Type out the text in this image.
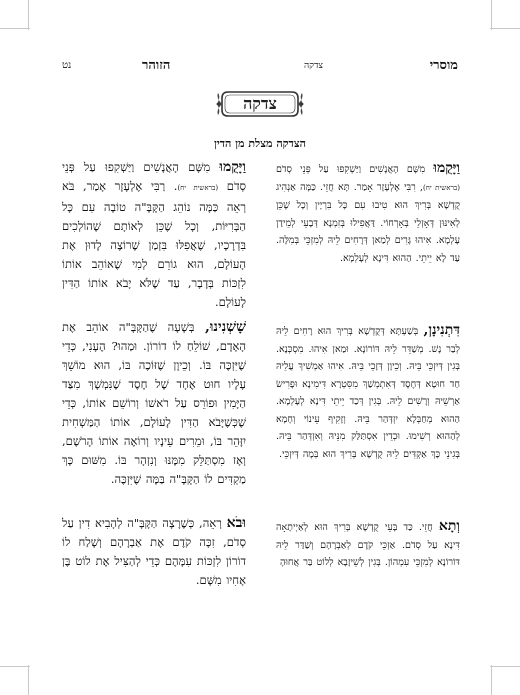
מוסרי
צדקה
הזוהר
נט
צדקה
הצדקה מצלת מן הדין
וַיָּקֻמוּ מִשָּׁם הָאֲנָשִׁים וַיַּשְׁקִפוּ עַל פְּנֵי סְדֹם (בראשית יח), רִבִּי אֶלְעָזָר אָמַר. תָּא חֲזֵי. כַּמָּה אַנְהִיג קֻדְשָׁא בְּרִיךְ הוּא טִיבוּ עִם כָּל בִּרְיָין וְכָל שֶׁכֵּן לְאִינּוּן דְּאָזְלֵי בְּאָרְחוֹי. דַּאֲפִילוּ בְּזִמְנָא דְּבָעֵי לְמֵידַן עָלְמָא. אִיהוּ גָּרִים לְמַאן דְּרָחִים לֵיהּ לְמִזְכֵּי בְּמִלָּה. עַד לָא יֵיתֵי. הַהוּא דִּינָא לְעָלְמָא.
דִּתְנִינָן, בְּשַׁעְתָּא דְּקֻדְשָׁא בְּרִיךְ הוּא רָחִים לֵיהּ לְבַר נָשׁ. מְשַׁדֵּר לֵיהּ דּוֹרוֹנָא. וּמַאן אִיהוּ. מִסְכְּנָא. בְּגִין דְּיִזְכֵּי בֵּיהּ. וְכֵיוָן דְּזָכֵי בֵּיהּ. אִיהוּ אַמְשִׁיךְ עֲלֵיהּ חַד חוּטָא דְּחֶסֶד דְּאִתְמְשַׁךְ מִסִּטְרָא דִּימִינָא וּפָרִישׂ אַרְשֵׁיהּ וְרָשִׁים לֵיהּ. בְּגִין דְּכַד יֵיתֵי דִּינָא לְעָלְמָא. הַהוּא מְחַבְּלָא יִזְדְּהַר בֵּיהּ. וְזָקִיף עֵינוֹי וְחָמָא לְהַהוּא רְשִׁימוּ. וּכְדֵין אִסְתַּלַּק מִנֵּיהּ וְאִזְדְּהַר בֵּיהּ. בְּגִינֵי כָּךְ אַקְדִּים לֵיהּ קֻדְשָׁא בְּרִיךְ הוּא בְּמָה דְּיִזְכֵּי.
וְתָא חֲזֵי. כַּד בָּעֵי קֻדְשָׁא בְּרִיךְ הוּא לְאַיְיתָאָה דִּינָא עַל סְדֹם. אַזְכֵּי קֹדֶם לְאַבְרָהָם וְשַׁדַּר לֵיהּ דּוֹרוֹנָא לְמִזְכֵּי עִמְהוֹן. בְּגִין לְשֵׁיזָבָא לְלוֹט בַּר אֲחוּהָ
וַיָּקֻמוּ מִשָּׁם הָאֲנָשִׁים וַיַּשְׁקִפוּ עַל פְּנֵי סְדֹם (בראשית יח). רַבִּי אֶלְעָזָר אָמַר, בֹּא רְאֵה כַּמָּה נוֹהֵג הַקָּבָּ"ה טוֹבָה עִם כָּל הַבְּרִיּוֹת, וְכָל שֶׁכֵּן לְאוֹתָם שֶׁהוֹלְכִים בִּדְרָכָיו, שֶׁאֲפִלּוּ בִּזְמַן שֶׁרוֹצֶה לָדוּן אֶת הָעוֹלָם, הוּא גוֹרֵם לְמִי שֶׁאוֹהֵב אוֹתוֹ לִזְכּוֹת בְּדָבָר, עַד שֶׁלֹּא יָבֹא אוֹתוֹ הַדִּין לָעוֹלָם.
שָׁשְׁנִינוּ, בְּשָׁעָה שֶׁהַקָּבָּ"ה אוֹהֵב אֶת הָאָדָם, שׁוֹלֵחַ לוֹ דוֹרוֹן. וּמַהוּ? הֶעָנִי, כְּדֵי שֶׁיִּזְכֶּה בּוֹ. וְכֵיוָן שֶׁזּוֹכֶה בּוֹ, הוּא מוֹשֵׁךְ עָלָיו חוּט אֶחָד שֶׁל חֶסֶד שֶׁנִּמְשָׁךְ מִצַּד הַיָּמִין וּפוֹרֵס עַל רֹאשׁוֹ וְרוֹשֵׁם אוֹתוֹ, כְּדֵי שֶׁכְּשֶׁיָּבֹא הַדִּין לָעוֹלָם, אוֹתוֹ הַמַּשְׁחִית יִזָּהֵר בּוֹ, וּמֵרִים עֵינָיו וְרוֹאֶה אוֹתוֹ הָרֹשֶׁם, וְאָז מִסְתַּלֵּק מִמֶּנּוּ וְנִזְהָר בּוֹ. מִשּׁוּם כָּךְ מַקְדִּים לוֹ הַקָּבָּ"ה בַּמֶּה שֶׁיִּזְכֶּה.
וּבֹא רְאֵה, כְּשֶׁרָצָה הַקָּבָּ"ה לְהָבִיא דִין עַל סְדֹם, זִכָּה קֹדֶם אֶת אַבְרָהָם וְשָׁלַח לוֹ דוֹרוֹן לִזְכּוֹת עִמָּהֶם כְּדֵי לְהַצִּיל אֶת לוֹט בֶּן אָחִיו מִשָּׁם.
